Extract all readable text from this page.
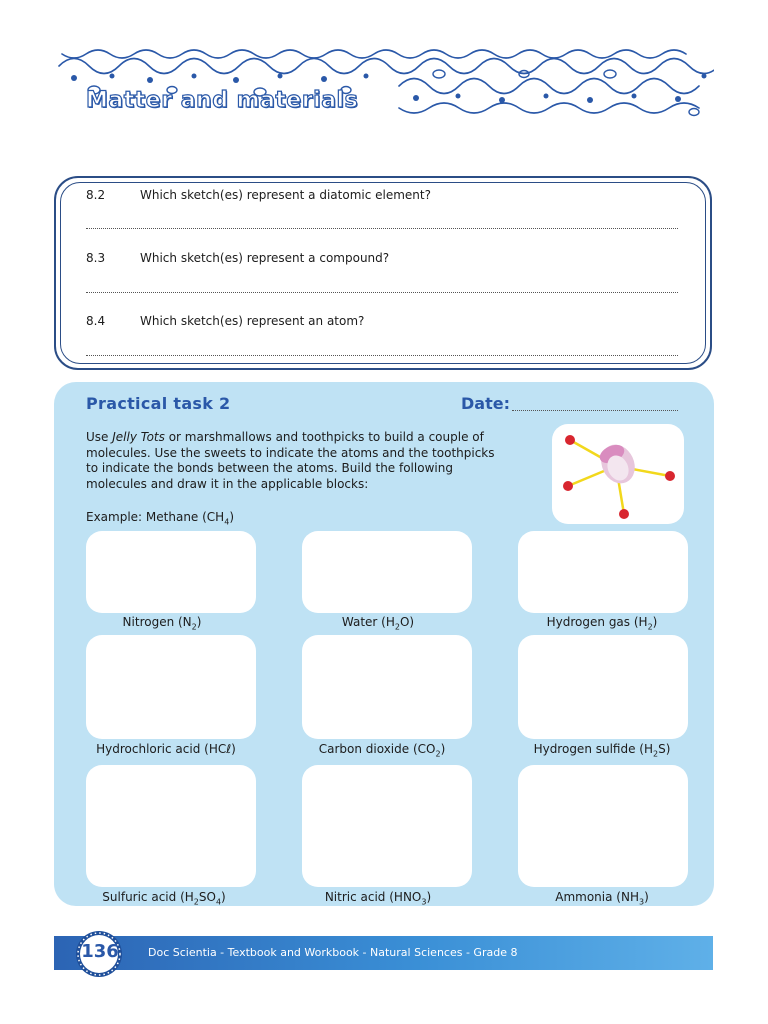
Matter and materials
8.2	Which sketch(es) represent a diatomic element?
8.3	Which sketch(es) represent a compound?
8.4	Which sketch(es) represent an atom?
Practical task 2	Date:
Use Jelly Tots or marshmallows and toothpicks to build a couple of molecules. Use the sweets to indicate the atoms and the toothpicks to indicate the bonds between the atoms. Build the following molecules and draw it in the applicable blocks:
Example: Methane $(CH_4)$
Nitrogen $(N_2)$	Water $(H_2O)$	Hydrogen gas $(H_2)$
Hydrochloric acid (HCℓ)	Carbon dioxide $(CO_2)$	Hydrogen sulfide $(H_2S)$
Sulfuric acid $(H_2SO_4)$	Nitric acid $(HNO_3)$	Ammonia $(NH_3)$
136	Doc Scientia - Textbook and Workbook - Natural Sciences - Grade 8
